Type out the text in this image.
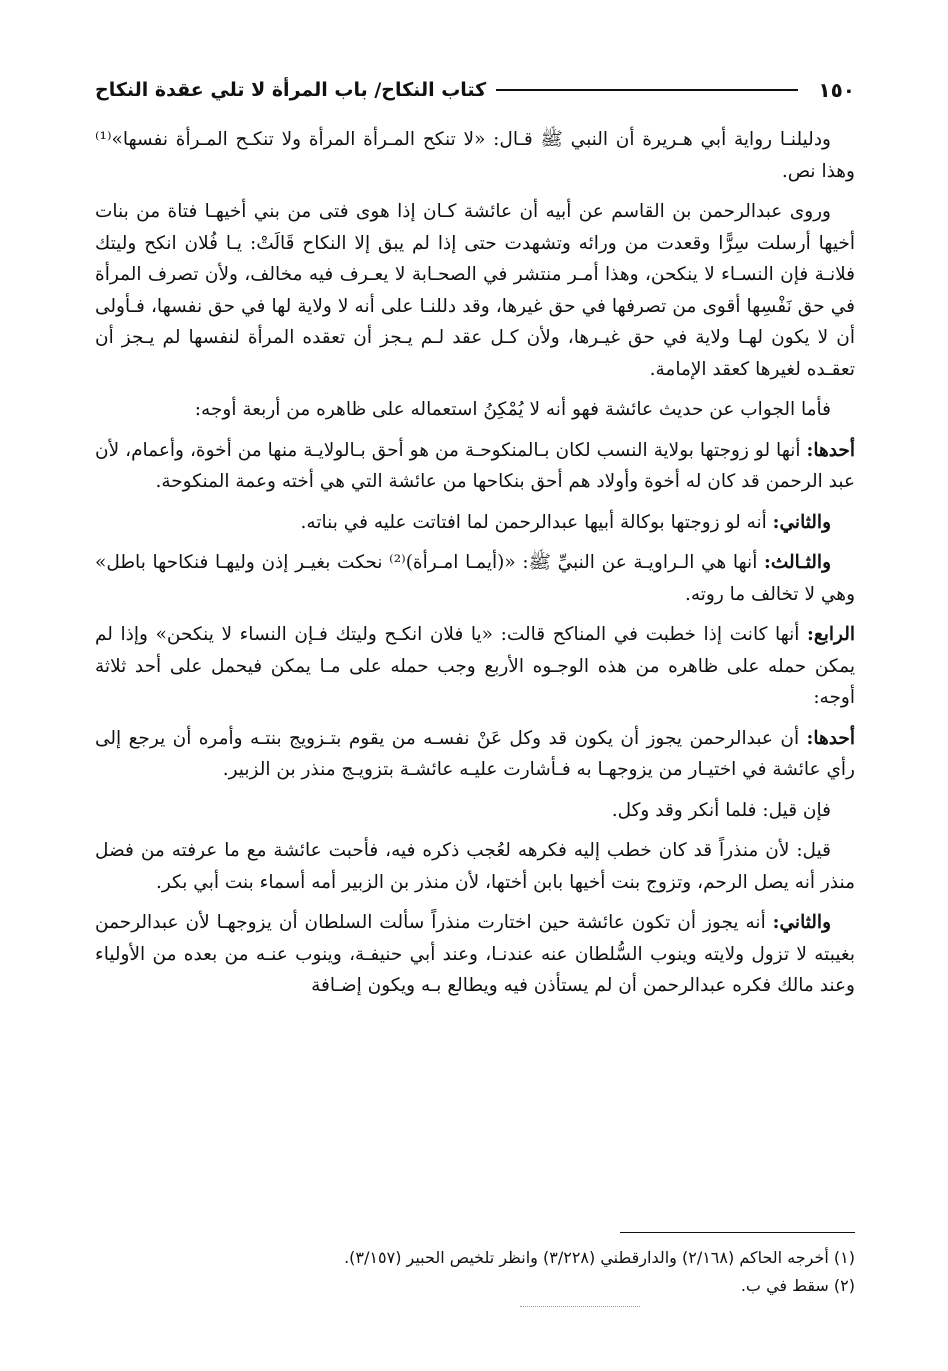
١٥٠
كتاب النكاح/ باب المرأة لا تلي عقدة النكاح

ودليلنـا رواية أبي هـريرة أن النبي ﷺ قـال: «لا تنكح المـرأة المرأة ولا تنكـح المـرأة نفسها»⁽¹⁾ وهذا نص.

وروى عبدالرحمن بن القاسم عن أبيه أن عائشة كـان إذا هوى فتى من بني أخيهـا فتاة من بنات أخيها أرسلت سِرًّا وقعدت من ورائه وتشهدت حتى إذا لم يبق إلا النكاح قَالَتْ: يـا فُلان انكح وليتك فلانـة فإن النسـاء لا ينكحن، وهذا أمـر منتشر في الصحـابة لا يعـرف فيه مخالف، ولأن تصرف المرأة في حق نَفْسِها أقوى من تصرفها في حق غيرها، وقد دللنـا على أنه لا ولاية لها في حق نفسها، فـأولى أن لا يكون لهـا ولاية في حق غيـرها، ولأن كـل عقد لـم يـجز أن تعقده المرأة لنفسها لم يـجز أن تعقـده لغيرها كعقد الإمامة.

فأما الجواب عن حديث عائشة فهو أنه لا يُمْكِنُ استعماله على ظاهره من أربعة أوجه:

أحدها: أنها لو زوجتها بولاية النسب لكان بـالمنكوحـة من هو أحق بـالولايـة منها من أخوة، وأعمام، لأن عبد الرحمن قد كان له أخوة وأولاد هم أحق بنكاحها من عائشة التي هي أخته وعمة المنكوحة.

والثاني: أنه لو زوجتها بوكالة أبيها عبدالرحمن لما افتاتت عليه في بناته.

والثـالث: أنها هي الـراويـة عن النبيِّ ﷺ: «(أيمـا امـرأة)⁽²⁾ نحكت بغيـر إذن وليهـا فنكاحها باطل» وهي لا تخالف ما روته.

الرابع: أنها كانت إذا خطبت في المناكح قالت: «يا فلان انكـح وليتك فـإن النساء لا ينكحن» وإذا لم يمكن حمله على ظاهره من هذه الوجـوه الأربع وجب حمله على مـا يمكن فيحمل على أحد ثلاثة أوجه:

أحدها: أن عبدالرحمن يجوز أن يكون قد وكل عَنْ نفسـه من يقوم بتـزويج بنتـه وأمره أن يرجع إلى رأي عائشة في اختيـار من يزوجهـا به فـأشارت عليـه عائشـة بتزويـج منذر بن الزبير.

فإن قيل: فلما أنكر وقد وكل.

قيل: لأن منذراً قد كان خطب إليه فكرهه لعُجب ذكره فيه، فأحبت عائشة مع ما عرفته من فضل منذر أنه يصل الرحم، وتزوج بنت أخيها بابن أختها، لأن منذر بن الزبير أمه أسماء بنت أبي بكر.

والثاني: أنه يجوز أن تكون عائشة حين اختارت منذراً سألت السلطان أن يزوجهـا لأن عبدالرحمن بغيبته لا تزول ولايته وينوب السُّلطان عنه عندنـا، وعند أبي حنيفـة، وينوب عنـه من بعده من الأولياء وعند مالك فكره عبدالرحمن أن لم يستأذن فيه ويطالع بـه ويكون إضـافة

(١) أخرجه الحاكم (٢/١٦٨) والدارقطني (٣/٢٢٨) وانظر تلخيص الحبير (٣/١٥٧).

(٢) سقط في ب.
